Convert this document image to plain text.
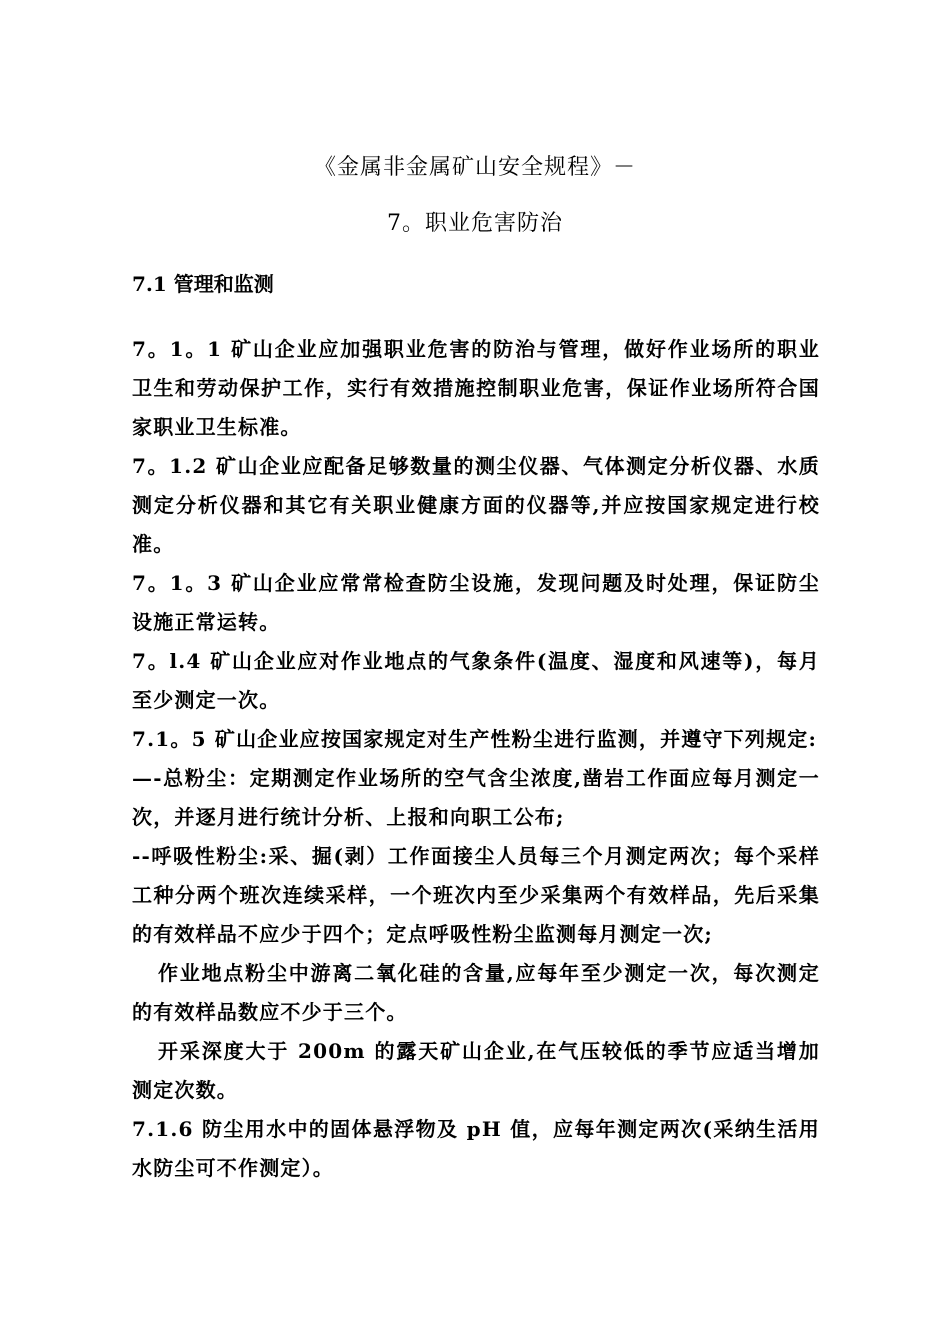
《金属非金属矿山安全规程》－
7。职业危害防治
7.1 管理和监测

7。1。1 矿山企业应加强职业危害的防治与管理，做好作业场所的职业卫生和劳动保护工作，实行有效措施控制职业危害，保证作业场所符合国家职业卫生标准。

7。1.2 矿山企业应配备足够数量的测尘仪器、气体测定分析仪器、水质测定分析仪器和其它有关职业健康方面的仪器等,并应按国家规定进行校准。

7。1。3 矿山企业应常常检查防尘设施，发现问题及时处理，保证防尘设施正常运转。

7。l.4 矿山企业应对作业地点的气象条件(温度、湿度和风速等)，每月至少测定一次。

7.1。5 矿山企业应按国家规定对生产性粉尘进行监测，并遵守下列规定:

—-总粉尘：定期测定作业场所的空气含尘浓度,凿岩工作面应每月测定一次，并逐月进行统计分析、上报和向职工公布;

--呼吸性粉尘:采、掘(剥）工作面接尘人员每三个月测定两次；每个采样工种分两个班次连续采样，一个班次内至少采集两个有效样品，先后采集的有效样品不应少于四个；定点呼吸性粉尘监测每月测定一次;

作业地点粉尘中游离二氧化硅的含量,应每年至少测定一次，每次测定的有效样品数应不少于三个。

开采深度大于 200m 的露天矿山企业,在气压较低的季节应适当增加测定次数。

7.1.6 防尘用水中的固体悬浮物及 pH 值，应每年测定两次(采纳生活用水防尘可不作测定）。
